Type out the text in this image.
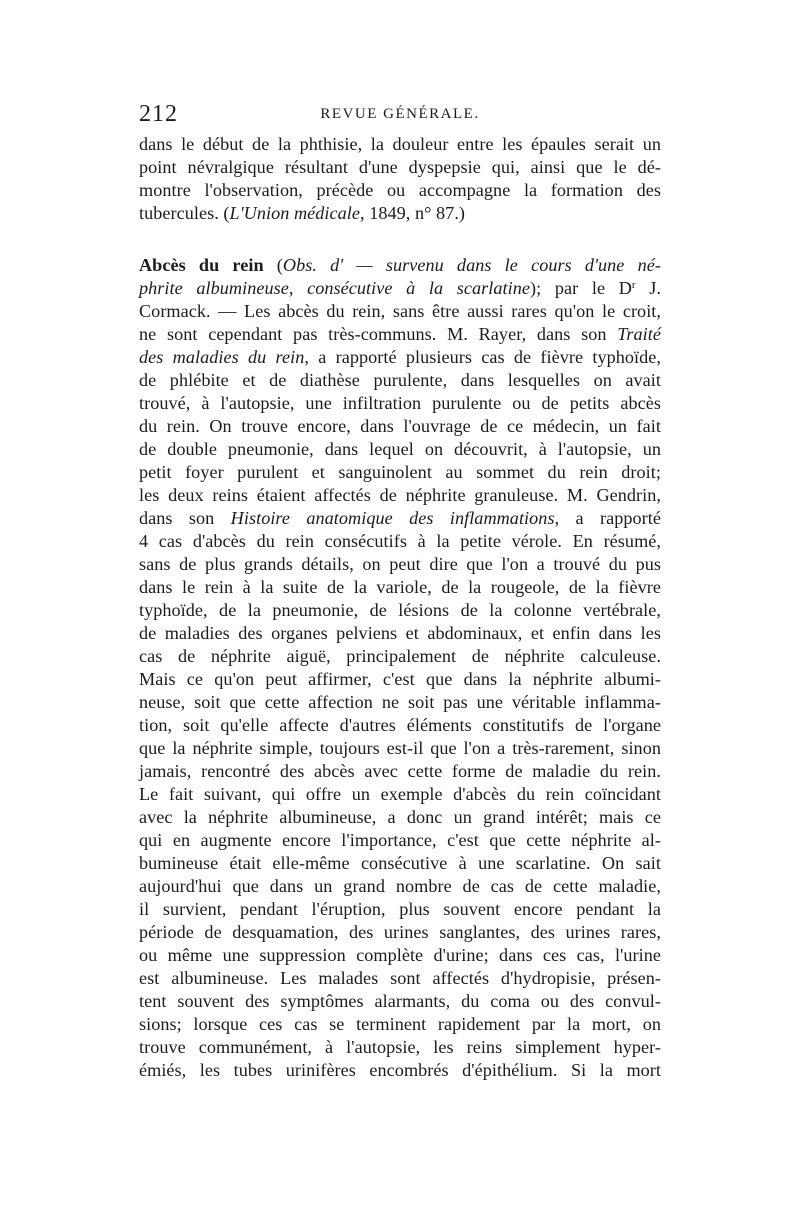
212	REVUE GÉNÉRALE.
dans le début de la phthisie, la douleur entre les épaules serait un
point névralgique résultant d'une dyspepsie qui, ainsi que le dé-
montre l'observation, précède ou accompagne la formation des
tubercules. (L'Union médicale, 1849, n° 87.)
Abcès du rein (Obs. d' — survenu dans le cours d'une né-
phrite albumineuse, consécutive à la scarlatine); par le $D^r$ J.
Cormack. — Les abcès du rein, sans être aussi rares qu'on le croit,
ne sont cependant pas très-communs. M. Rayer, dans son Traité
des maladies du rein, a rapporté plusieurs cas de fièvre typhoïde,
de phlébite et de diathèse purulente, dans lesquelles on avait
trouvé, à l'autopsie, une infiltration purulente ou de petits abcès
du rein. On trouve encore, dans l'ouvrage de ce médecin, un fait
de double pneumonie, dans lequel on découvrit, à l'autopsie, un
petit foyer purulent et sanguinolent au sommet du rein droit;
les deux reins étaient affectés de néphrite granuleuse. M. Gendrin,
dans son Histoire anatomique des inflammations, a rapporté
4 cas d'abcès du rein consécutifs à la petite vérole. En résumé,
sans de plus grands détails, on peut dire que l'on a trouvé du pus
dans le rein à la suite de la variole, de la rougeole, de la fièvre
typhoïde, de la pneumonie, de lésions de la colonne vertébrale,
de maladies des organes pelviens et abdominaux, et enfin dans les
cas de néphrite aiguë, principalement de néphrite calculeuse.
Mais ce qu'on peut affirmer, c'est que dans la néphrite albumi-
neuse, soit que cette affection ne soit pas une véritable inflamma-
tion, soit qu'elle affecte d'autres éléments constitutifs de l'organe
que la néphrite simple, toujours est-il que l'on a très-rarement, sinon
jamais, rencontré des abcès avec cette forme de maladie du rein.
Le fait suivant, qui offre un exemple d'abcès du rein coïncidant
avec la néphrite albumineuse, a donc un grand intérêt; mais ce
qui en augmente encore l'importance, c'est que cette néphrite al-
bumineuse était elle-même consécutive à une scarlatine. On sait
aujourd'hui que dans un grand nombre de cas de cette maladie,
il survient, pendant l'éruption, plus souvent encore pendant la
période de desquamation, des urines sanglantes, des urines rares,
ou même une suppression complète d'urine; dans ces cas, l'urine
est albumineuse. Les malades sont affectés d'hydropisie, présen-
tent souvent des symptômes alarmants, du coma ou des convul-
sions; lorsque ces cas se terminent rapidement par la mort, on
trouve communément, à l'autopsie, les reins simplement hyper-
émiés, les tubes urinifères encombrés d'épithélium. Si la mort
